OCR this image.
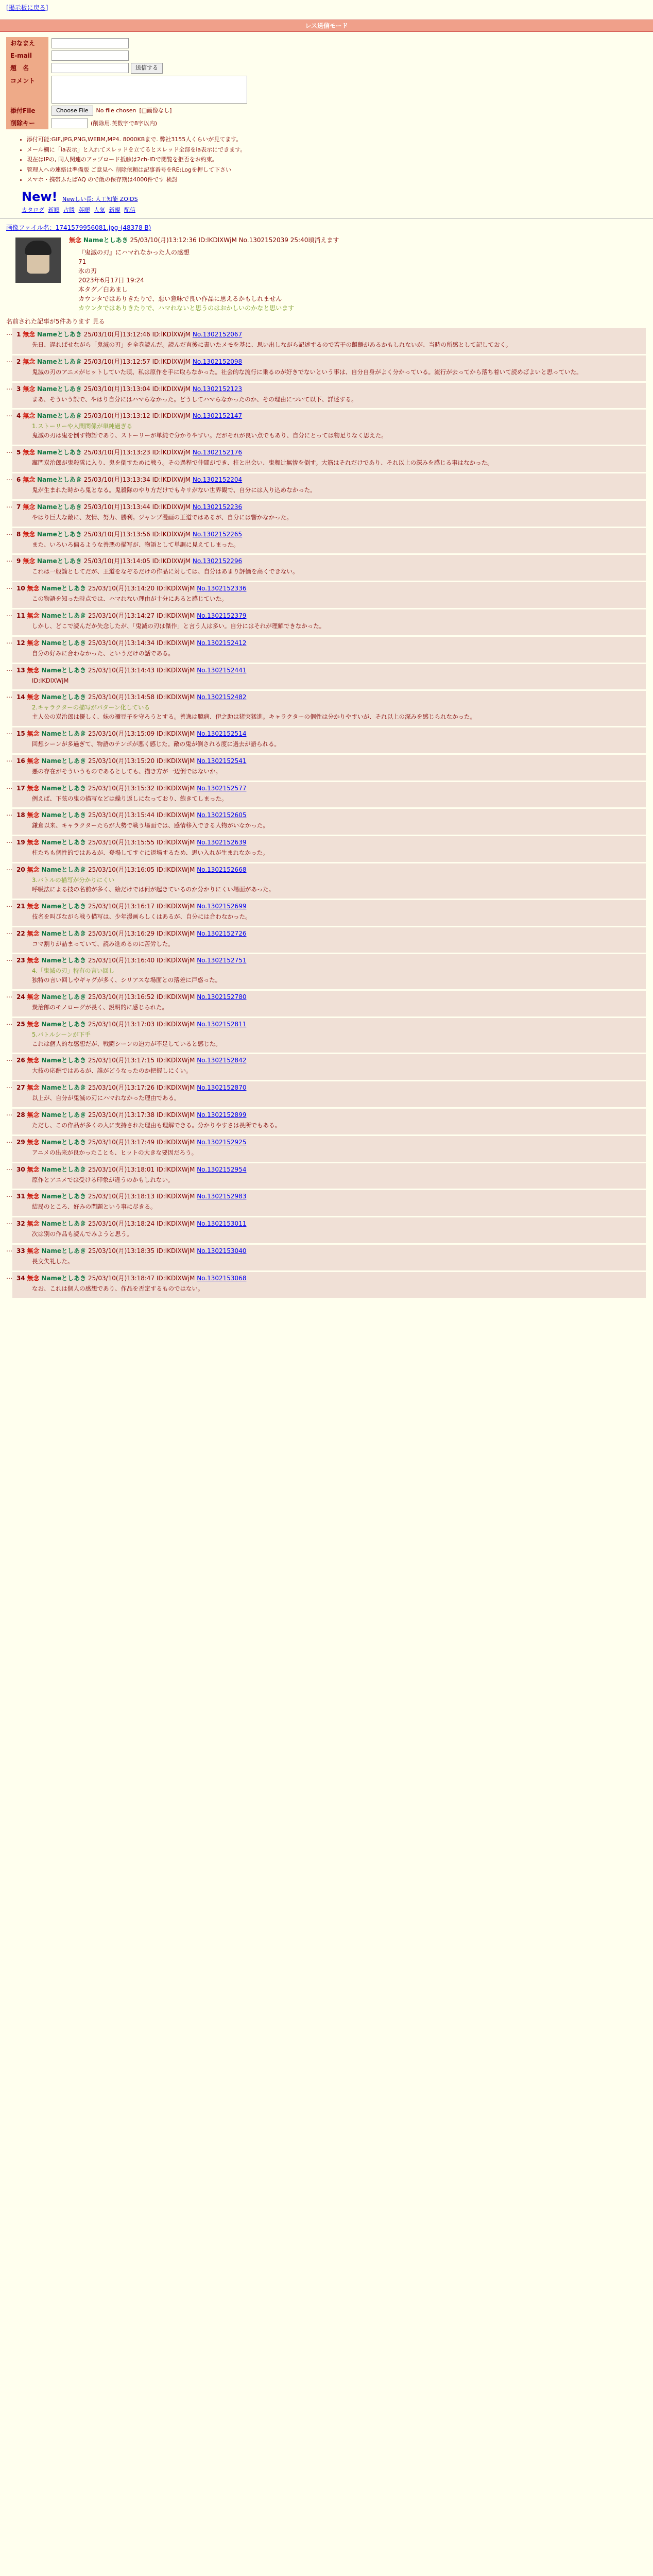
[掲示板に戻る]
レス送信モード
おなまえ	
E-mail	
題　名	送信する
コメント	

添付File	Choose File No file chosen [□画像なし]
削除キー	(削除用.英数字で8字以内)
• 添付可能:GIF,JPG,PNG,WEBM,MP4. 8000KBまで. 弊社3155人くらいが見てます。
• メール欄に「ia表示」と入れてスレッドを立てるとスレッド全部をia表示にできます。
• 現在はIPの, 同人関連のアップロード抵触は2ch-IDで閲覧を拒否をお約束。
• 管理人への連絡は準備版 ご意見へ 削除依頼は記事番号をRE:Logを押して下さい
• スマホ・携帯ふたばAQ ので飯の保存期は4000件です 検討
New! Newしい長: 人工知能 ZOIDS
カタログ 新順 占勝 英順 人気 新規 配信
画像ファイル名：1741579956081.jpg-(48378 B)
無念 Nameとしあき 25/03/10(月)13:12:36 ID:lKDlXWjM No.1302152039 25:40頃消えます
『鬼滅の刃』にハマれなかった人の感想
71
氷の刃
2023年6月17日 19:24
本タグ／白あまし
カウンタではありきたりで、悪い意味で良い作品に思えるかもしれません
カウンタではありきたりで、ハマれないと思うのはおかしいのかなと思います
名前された記事が5件あります 見る
… 1 無念 Nameとしあき 25/03/10(月)13:12:46 ID:lKDlXWjM No.1302152067
先日、遅ればせながら「鬼滅の刃」を全巻読んだ。読んだ直後に書いたメモを基に、思い出しながら記述するので若干の齟齬があるかもしれないが、当時の所感として記しておく。
… 2 無念 Nameとしあき 25/03/10(月)13:12:57 ID:lKDlXWjM No.1302152098
鬼滅の刃のアニメがヒットしていた頃、私は原作を手に取らなかった。社会的な流行に乗るのが好きでないという事は、自分自身がよく分かっている。流行が去ってから落ち着いて読めばよいと思っていた。
… 3 無念 Nameとしあき 25/03/10(月)13:13:04 ID:lKDlXWjM No.1302152123
まあ、そういう訳で、やはり自分にはハマらなかった。どうしてハマらなかったのか、その理由について以下、詳述する。
… 4 無念 Nameとしあき 25/03/10(月)13:13:12 ID:lKDlXWjM No.1302152147
1.ストーリーや人間関係が単純過ぎる
鬼滅の刃は鬼を倒す物語であり、ストーリーが単純で分かりやすい。だがそれが良い点でもあり、自分にとっては物足りなく思えた。
… 5 無念 Nameとしあき 25/03/10(月)13:13:23 ID:lKDlXWjM No.1302152176
竈門炭治郎が鬼殺隊に入り、鬼を倒すために戦う。その過程で仲間ができ、柱と出会い、鬼舞辻無惨を倒す。大筋はそれだけであり、それ以上の深みを感じる事はなかった。
… 6 無念 Nameとしあき 25/03/10(月)13:13:34 ID:lKDlXWjM No.1302152204
鬼が生まれた時から鬼となる。鬼殺隊のやり方だけでもキリがない世界観で、自分には入り込めなかった。
… 7 無念 Nameとしあき 25/03/10(月)13:13:44 ID:lKDlXWjM No.1302152236
やはり巨大な敵に、友情、努力、勝利。ジャンプ漫画の王道ではあるが、自分には響かなかった。
… 8 無念 Nameとしあき 25/03/10(月)13:13:56 ID:lKDlXWjM No.1302152265
また、いろいろ偏るような善悪の描写が、物語として単調に見えてしまった。
… 9 無念 Nameとしあき 25/03/10(月)13:14:05 ID:lKDlXWjM No.1302152296
これは一般論としてだが、王道をなぞるだけの作品に対しては、自分はあまり評価を高くできない。
… 10 無念 Nameとしあき 25/03/10(月)13:14:20 ID:lKDlXWjM No.1302152336
この物語を知った時点では、ハマれない理由が十分にあると感じていた。
… 11 無念 Nameとしあき 25/03/10(月)13:14:27 ID:lKDlXWjM No.1302152379
しかし、どこで読んだか失念したが、「鬼滅の刃は傑作」と言う人は多い。自分にはそれが理解できなかった。
… 12 無念 Nameとしあき 25/03/10(月)13:14:34 ID:lKDlXWjM No.1302152412
自分の好みに合わなかった、というだけの話である。
… 13 無念 Nameとしあき 25/03/10(月)13:14:43 ID:lKDlXWjM No.1302152441
ID:lKDlXWjM
… 14 無念 Nameとしあき 25/03/10(月)13:14:58 ID:lKDlXWjM No.1302152482
2.キャラクターの描写がパターン化している
主人公の炭治郎は優しく、妹の禰豆子を守ろうとする。善逸は臆病、伊之助は猪突猛進。キャラクターの個性は分かりやすいが、それ以上の深みを感じられなかった。
… 15 無念 Nameとしあき 25/03/10(月)13:15:09 ID:lKDlXWjM No.1302152514
回想シーンが多過ぎて、物語のテンポが悪く感じた。敵の鬼が倒される度に過去が語られる。
… 16 無念 Nameとしあき 25/03/10(月)13:15:20 ID:lKDlXWjM No.1302152541
悪の存在がそういうものであるとしても、描き方が一辺倒ではないか。
… 17 無念 Nameとしあき 25/03/10(月)13:15:32 ID:lKDlXWjM No.1302152577
例えば、下弦の鬼の描写などは繰り返しになっており、飽きてしまった。
… 18 無念 Nameとしあき 25/03/10(月)13:15:44 ID:lKDlXWjM No.1302152605
鎌倉以来、キャラクターたちが大勢で戦う場面では、感情移入できる人物がいなかった。
… 19 無念 Nameとしあき 25/03/10(月)13:15:55 ID:lKDlXWjM No.1302152639
柱たちも個性的ではあるが、登場してすぐに退場するため、思い入れが生まれなかった。
… 20 無念 Nameとしあき 25/03/10(月)13:16:05 ID:lKDlXWjM No.1302152668
3.バトルの描写が分かりにくい
呼吸法による技の名前が多く、絵だけでは何が起きているのか分かりにくい場面があった。
… 21 無念 Nameとしあき 25/03/10(月)13:16:17 ID:lKDlXWjM No.1302152699
技名を叫びながら戦う描写は、少年漫画らしくはあるが、自分には合わなかった。
… 22 無念 Nameとしあき 25/03/10(月)13:16:29 ID:lKDlXWjM No.1302152726
コマ割りが詰まっていて、読み進めるのに苦労した。
… 23 無念 Nameとしあき 25/03/10(月)13:16:40 ID:lKDlXWjM No.1302152751
4.「鬼滅の刃」特有の言い回し
独特の言い回しやギャグが多く、シリアスな場面との落差に戸惑った。
… 24 無念 Nameとしあき 25/03/10(月)13:16:52 ID:lKDlXWjM No.1302152780
炭治郎のモノローグが長く、説明的に感じられた。
… 25 無念 Nameとしあき 25/03/10(月)13:17:03 ID:lKDlXWjM No.1302152811
5.バトルシーンが下手
これは個人的な感想だが、戦闘シーンの迫力が不足していると感じた。
… 26 無念 Nameとしあき 25/03/10(月)13:17:15 ID:lKDlXWjM No.1302152842
大技の応酬ではあるが、誰がどうなったのか把握しにくい。
… 27 無念 Nameとしあき 25/03/10(月)13:17:26 ID:lKDlXWjM No.1302152870
以上が、自分が鬼滅の刃にハマれなかった理由である。
… 28 無念 Nameとしあき 25/03/10(月)13:17:38 ID:lKDlXWjM No.1302152899
ただし、この作品が多くの人に支持された理由も理解できる。分かりやすさは長所でもある。
… 29 無念 Nameとしあき 25/03/10(月)13:17:49 ID:lKDlXWjM No.1302152925
アニメの出来が良かったことも、ヒットの大きな要因だろう。
… 30 無念 Nameとしあき 25/03/10(月)13:18:01 ID:lKDlXWjM No.1302152954
原作とアニメでは受ける印象が違うのかもしれない。
… 31 無念 Nameとしあき 25/03/10(月)13:18:13 ID:lKDlXWjM No.1302152983
結局のところ、好みの問題という事に尽きる。
… 32 無念 Nameとしあき 25/03/10(月)13:18:24 ID:lKDlXWjM No.1302153011
次は別の作品も読んでみようと思う。
… 33 無念 Nameとしあき 25/03/10(月)13:18:35 ID:lKDlXWjM No.1302153040
長文失礼した。
… 34 無念 Nameとしあき 25/03/10(月)13:18:47 ID:lKDlXWjM No.1302153068
なお、これは個人の感想であり、作品を否定するものではない。
